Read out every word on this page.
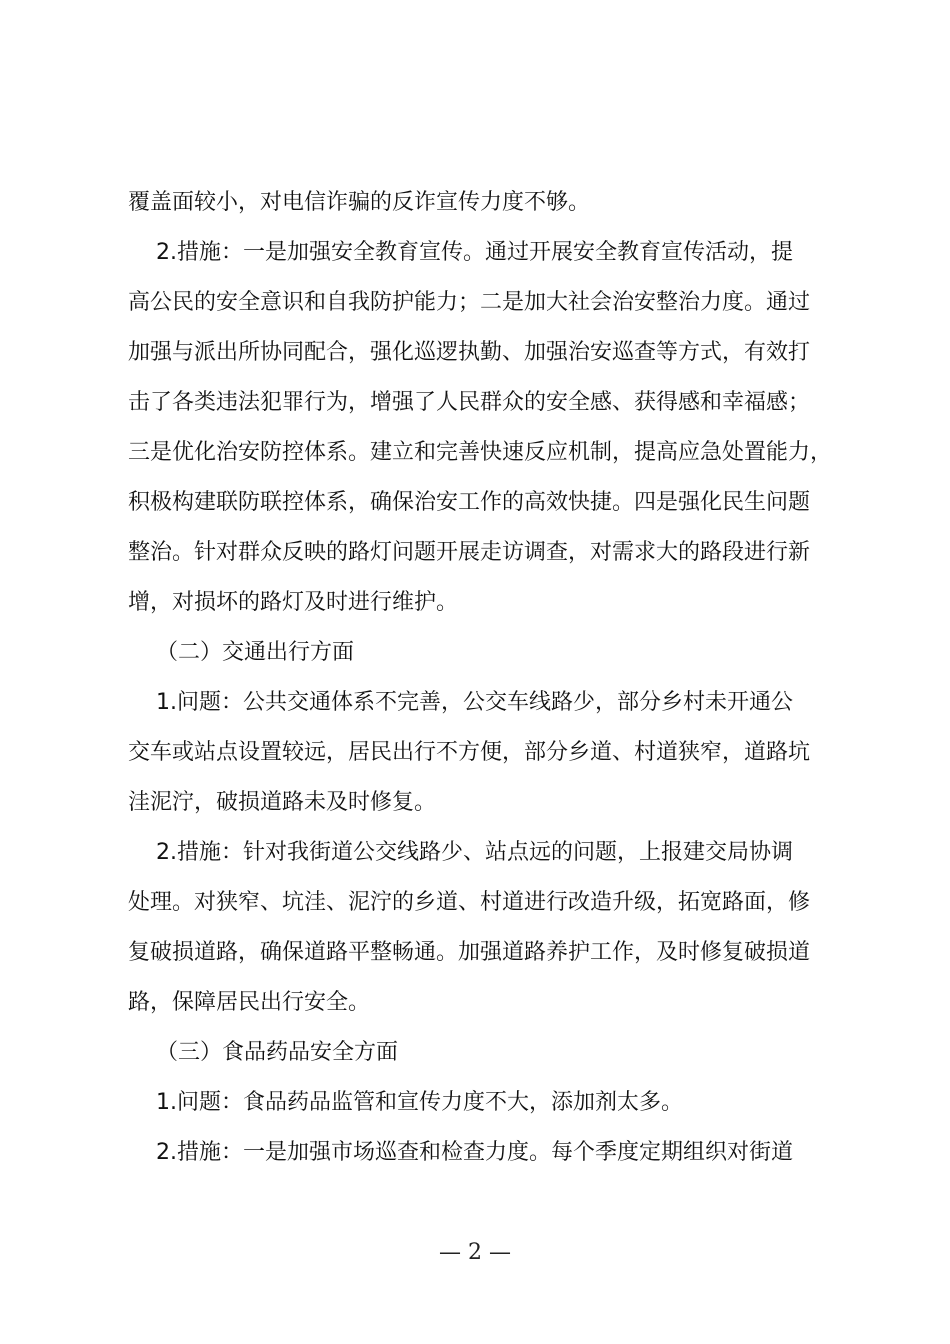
覆盖面较小，对电信诈骗的反诈宣传力度不够。
2.措施：一是加强安全教育宣传。通过开展安全教育宣传活动，提
高公民的安全意识和自我防护能力；二是加大社会治安整治力度。通过
加强与派出所协同配合，强化巡逻执勤、加强治安巡查等方式，有效打
击了各类违法犯罪行为，增强了人民群众的安全感、获得感和幸福感；
三是优化治安防控体系。建立和完善快速反应机制，提高应急处置能力，
积极构建联防联控体系，确保治安工作的高效快捷。四是强化民生问题
整治。针对群众反映的路灯问题开展走访调查，对需求大的路段进行新
增，对损坏的路灯及时进行维护。
（二）交通出行方面
1.问题：公共交通体系不完善，公交车线路少，部分乡村未开通公
交车或站点设置较远，居民出行不方便，部分乡道、村道狭窄，道路坑
洼泥泞，破损道路未及时修复。
2.措施：针对我街道公交线路少、站点远的问题，上报建交局协调
处理。对狭窄、坑洼、泥泞的乡道、村道进行改造升级，拓宽路面，修
复破损道路，确保道路平整畅通。加强道路养护工作，及时修复破损道
路，保障居民出行安全。
（三）食品药品安全方面
1.问题：食品药品监管和宣传力度不大，添加剂太多。
2.措施：一是加强市场巡查和检查力度。每个季度定期组织对街道
— 2 —
